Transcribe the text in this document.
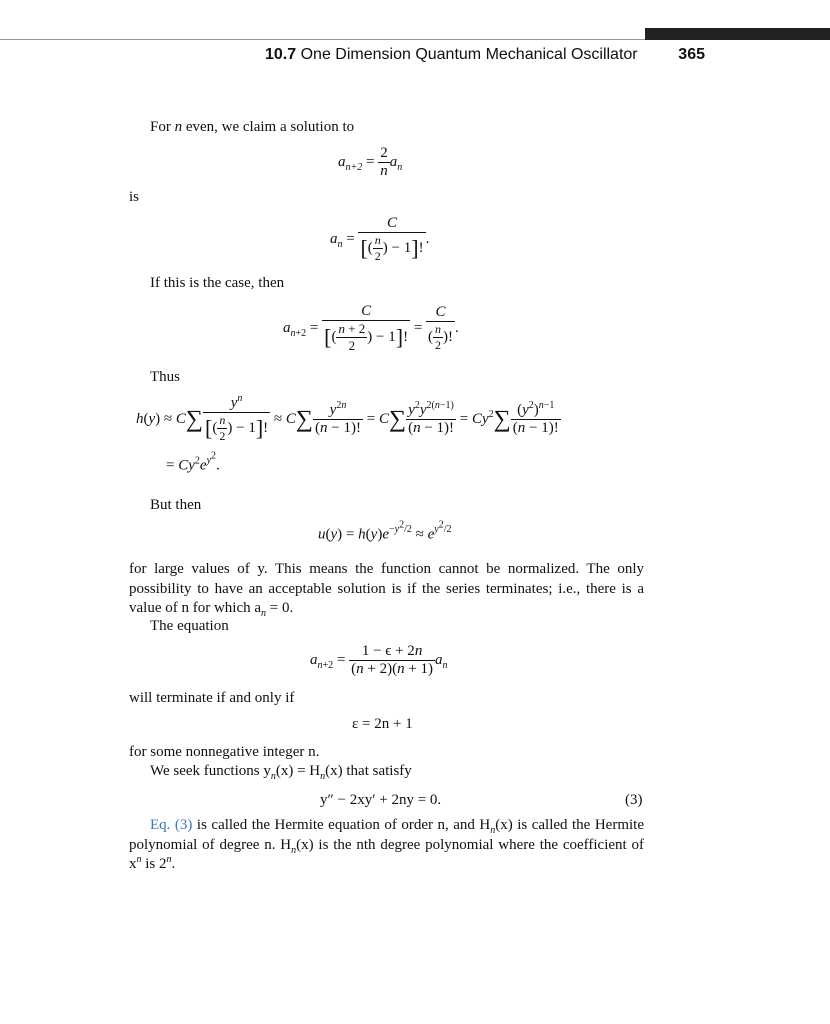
10.7 One Dimension Quantum Mechanical Oscillator	365
For n even, we claim a solution to
$a_{n+2} = \frac{2}{n} a_n$
is
$a_n = \frac{C}{[( \frac{n}{2} ) - 1]!}$ .
If this is the case, then
$a_{n+2} = \frac{C}{[( \frac{n + 2}{2} ) - 1]!} = \frac{C}{( \frac{n}{2} )!}$ .
Thus
$h(y) \approx C\sum \frac{y^n}{[( \frac{n}{2} ) - 1]!} \approx C\sum \frac{y^{2n}}{(n - 1)!} = C\sum \frac{y^2y^{2(n-1)}}{(n - 1)!} = Cy^2\sum \frac{(y^2)^{n-1}}{(n - 1)!}$
= $Cy^2e^{y^2}$.
But then
$u(y) = h(y)e^{-y^2/2} \approx e^{y^2/2}$
for large values of y. This means the function cannot be normalized. The only possibility to have an acceptable solution is if the series terminates; i.e., there is a value of n for which $a_n = 0$.
The equation
$a_{n+2} = \frac{1 - \epsilon + 2n}{(n + 2)(n + 1)} a_n$
will terminate if and only if
ε = 2n + 1
for some nonnegative integer n.
We seek functions $y_n(x) = H_n(x)$ that satisfy
y″ − 2xy′ + 2ny = 0.	(3)
Eq. (3) is called the Hermite equation of order n, and $H_n(x)$ is called the Hermite polynomial of degree n. $H_n(x)$ is the nth degree polynomial where the coefficient of $x^n$ is 2$^n$.
